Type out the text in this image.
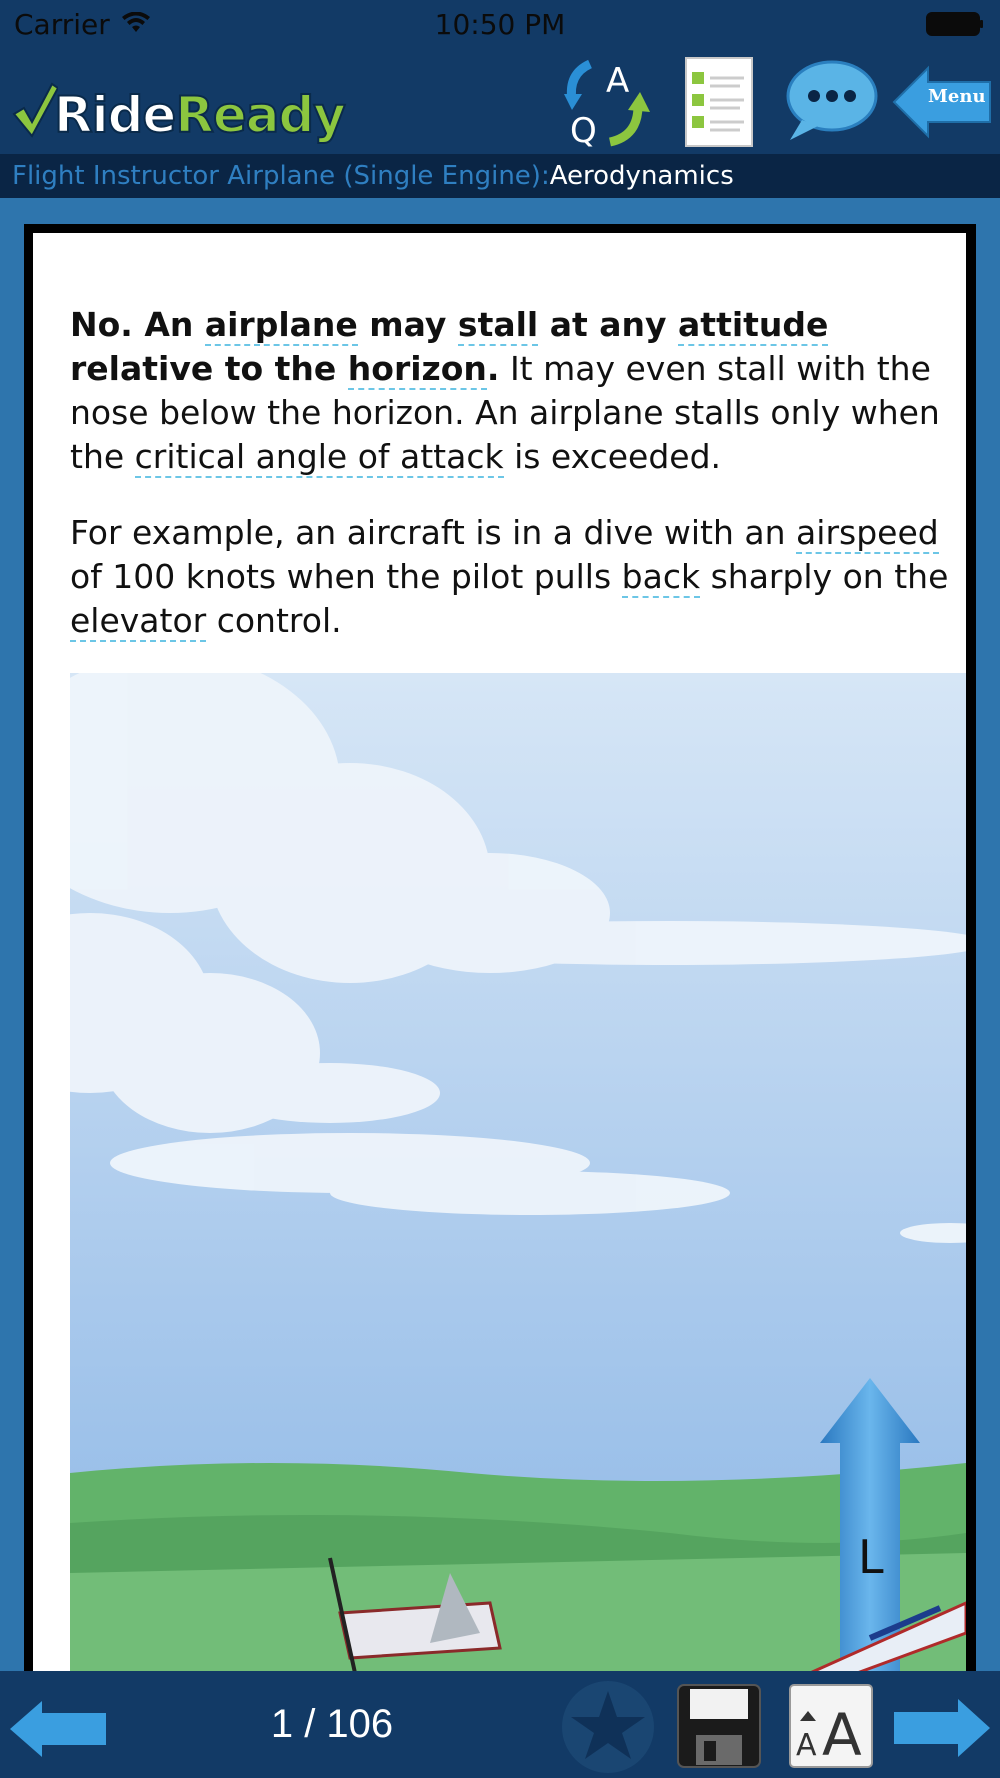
Carrier	10:50 PM
Ride Ready
A
Q
Menu
Flight Instructor Airplane (Single Engine):Aerodynamics

No. An airplane may stall at any attitude relative to the horizon. It may even stall with the nose below the horizon. An airplane stalls only when the critical angle of attack is exceeded.

For example, an aircraft is in a dive with an airspeed of 100 knots when the pilot pulls back sharply on the elevator control.

L
1 / 106	A A
